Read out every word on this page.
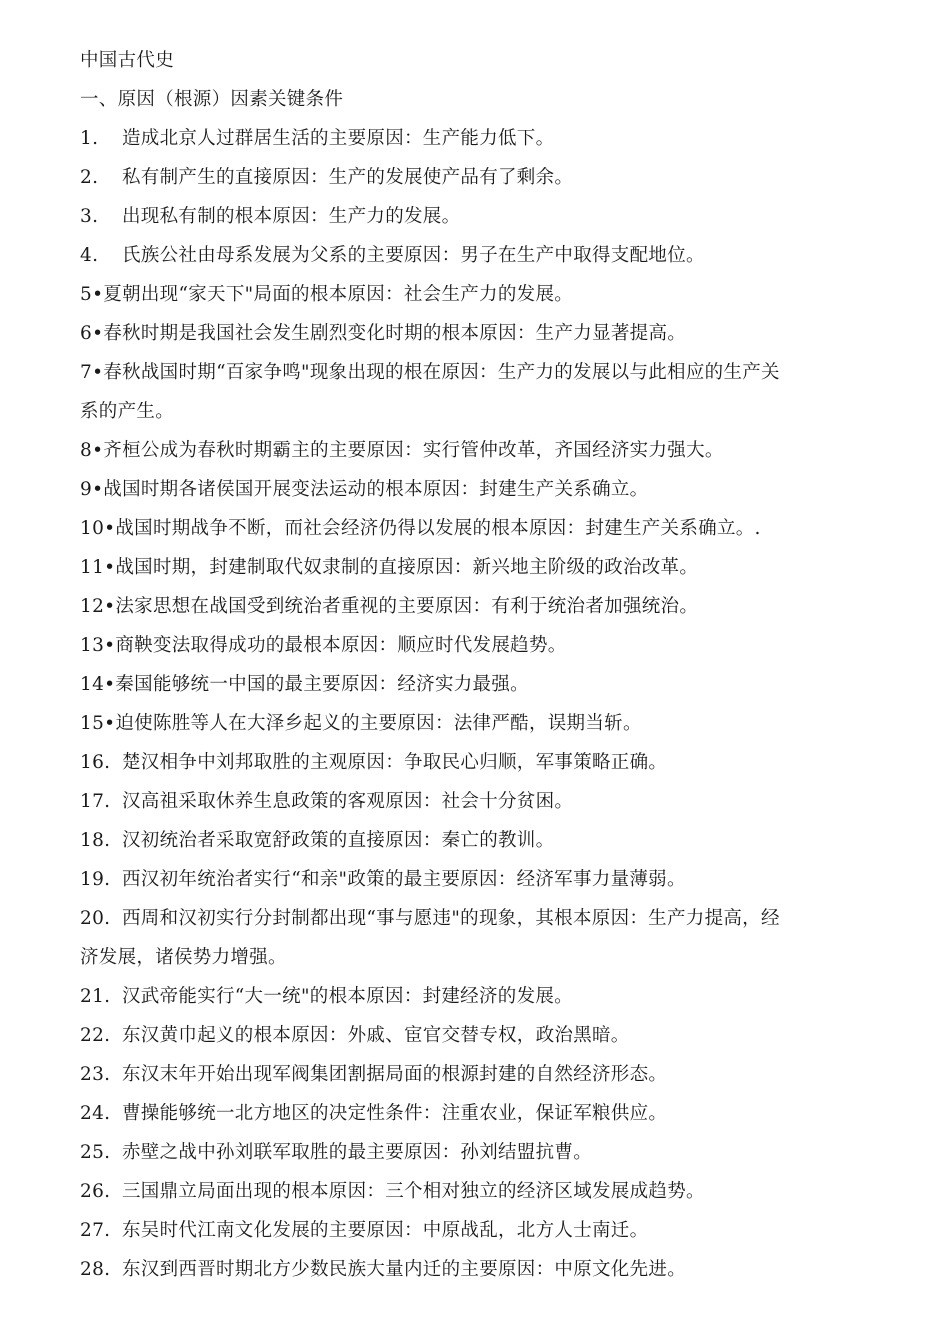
中国古代史
一、原因（根源）因素关键条件
1. 造成北京人过群居生活的主要原因：生产能力低下。
2. 私有制产生的直接原因：生产的发展使产品有了剩余。
3. 出现私有制的根本原因：生产力的发展。
4. 氏族公社由母系发展为父系的主要原因：男子在生产中取得支配地位。
5•夏朝出现“家天下"局面的根本原因：社会生产力的发展。
6•春秋时期是我国社会发生剧烈变化时期的根本原因：生产力显著提高。
7•春秋战国时期“百家争鸣"现象出现的根在原因：生产力的发展以与此相应的生产关
系的产生。
8•齐桓公成为春秋时期霸主的主要原因：实行管仲改革，齐国经济实力强大。
9•战国时期各诸侯国开展变法运动的根本原因：封建生产关系确立。
10•战国时期战争不断，而社会经济仍得以发展的根本原因：封建生产关系确立。.
11•战国时期，封建制取代奴隶制的直接原因：新兴地主阶级的政治改革。
12•法家思想在战国受到统治者重视的主要原因：有利于统治者加强统治。
13•商鞅变法取得成功的最根本原因：顺应时代发展趋势。
14•秦国能够统一中国的最主要原因：经济实力最强。
15•迫使陈胜等人在大泽乡起义的主要原因：法律严酷，误期当斩。
16. 楚汉相争中刘邦取胜的主观原因：争取民心归顺，军事策略正确。
17. 汉高祖采取休养生息政策的客观原因：社会十分贫困。
18. 汉初统治者采取宽舒政策的直接原因：秦亡的教训。
19. 西汉初年统治者实行“和亲"政策的最主要原因：经济军事力量薄弱。
20. 西周和汉初实行分封制都出现“事与愿违"的现象，其根本原因：生产力提高，经
济发展，诸侯势力增强。
21. 汉武帝能实行“大一统"的根本原因：封建经济的发展。
22. 东汉黄巾起义的根本原因：外戚、宦官交替专权，政治黑暗。
23. 东汉末年开始出现军阀集团割据局面的根源封建的自然经济形态。
24. 曹操能够统一北方地区的决定性条件：注重农业，保证军粮供应。
25. 赤壁之战中孙刘联军取胜的最主要原因：孙刘结盟抗曹。
26. 三国鼎立局面出现的根本原因：三个相对独立的经济区域发展成趋势。
27. 东吴时代江南文化发展的主要原因：中原战乱，北方人士南迁。
28. 东汉到西晋时期北方少数民族大量内迁的主要原因：中原文化先进。
